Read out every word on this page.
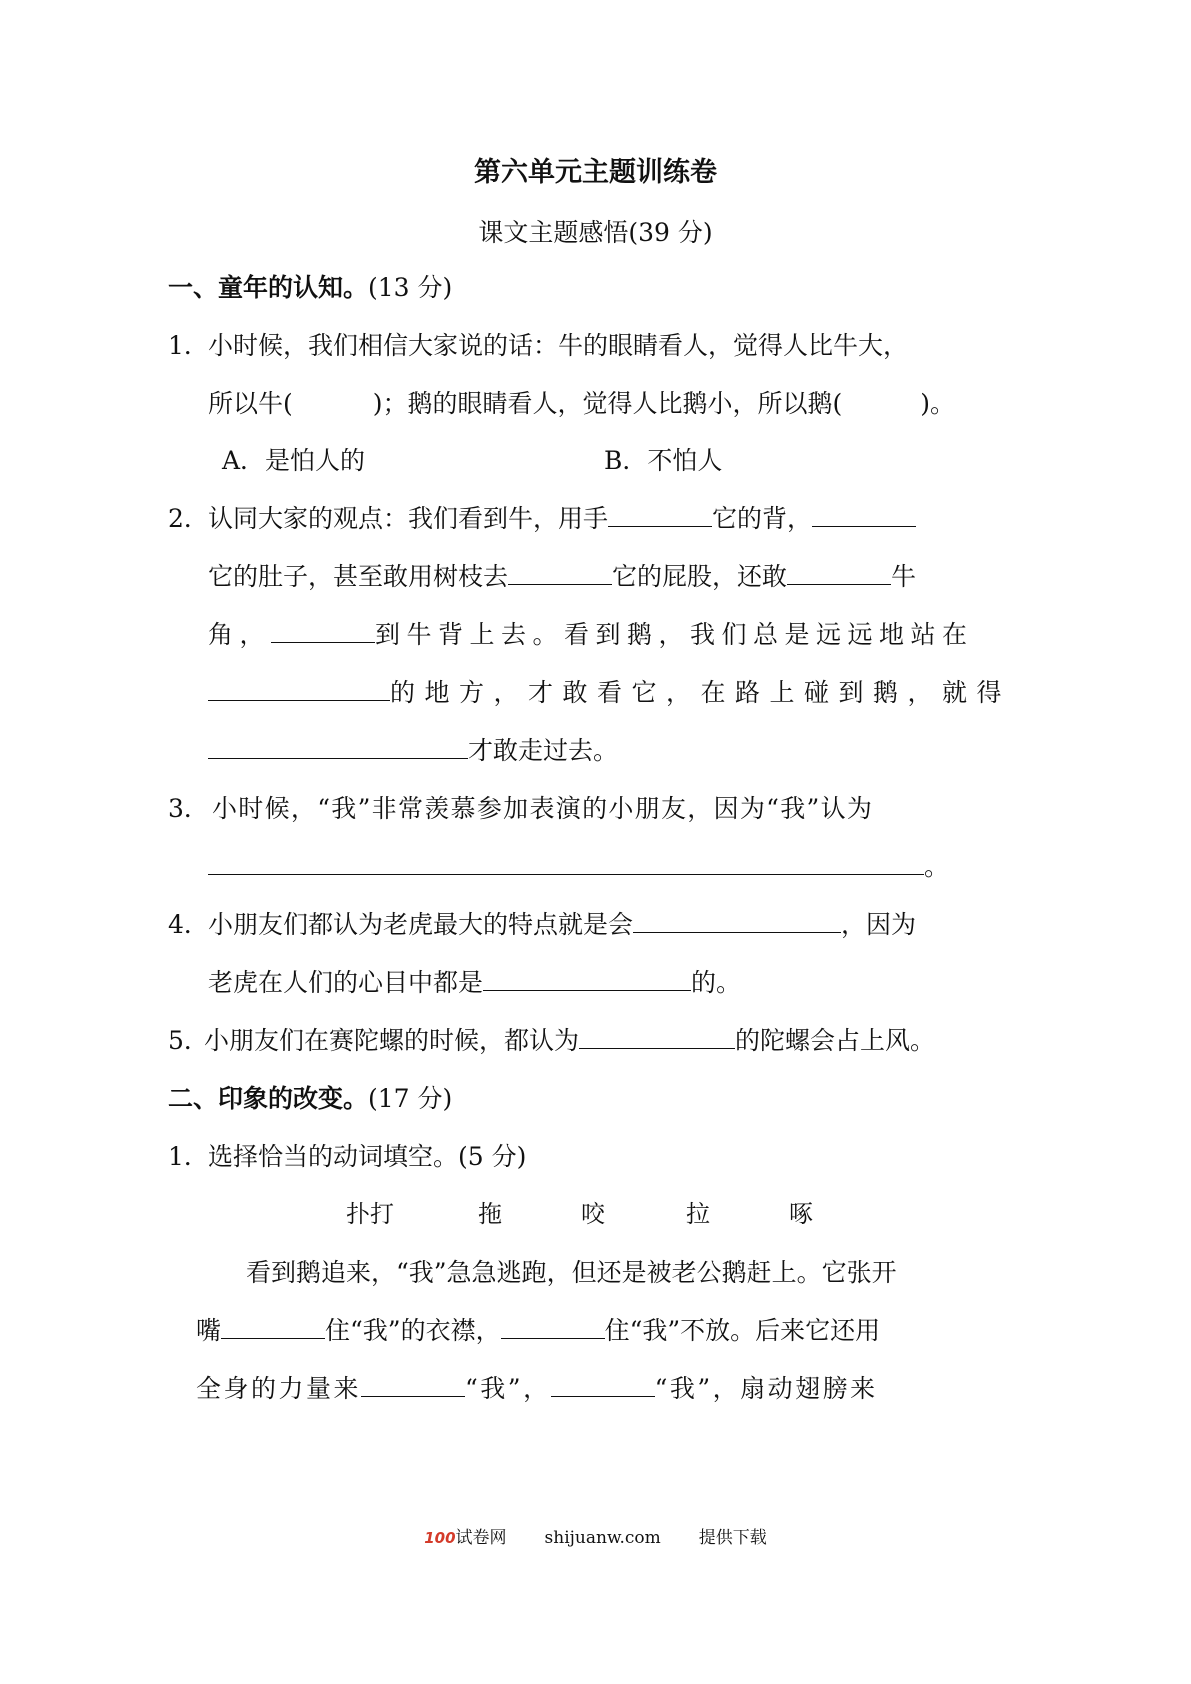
第六单元主题训练卷
课文主题感悟(39 分)
一、童年的认知。(13 分)
1． 小时候，我们相信大家说的话：牛的眼睛看人，觉得人比牛大，
所以牛(	)；鹅的眼睛看人，觉得人比鹅小，所以鹅(	)。
A．是怕人的	B．不怕人
2． 认同大家的观点：我们看到牛，用手	它的背，
它的肚子，甚至敢用树枝去	它的屁股，还敢	牛
角，	到牛背上去。看到鹅，我们总是远远地站在
的地方，才敢看它，在路上碰到鹅，就得
才敢走过去。
3． 小时候，“我”非常羡慕参加表演的小朋友，因为“我”认为
。
4． 小朋友们都认为老虎最大的特点就是会	，因为
老虎在人们的心目中都是	的。
5．
小朋友们在赛陀螺的时候，都认为	的陀螺会占上风。
二、印象的改变。(17 分)
1． 选择恰当的动词填空。(5 分)
扑打	拖	咬	拉	啄
看到鹅追来，“我”急急逃跑，但还是被老公鹅赶上。它张开
嘴	住“我”的衣襟，	住“我”不放。后来它还用
全身的力量来	“我”，	“我”，扇动翅膀来
100试卷网 shijuanw.com 提供下载
